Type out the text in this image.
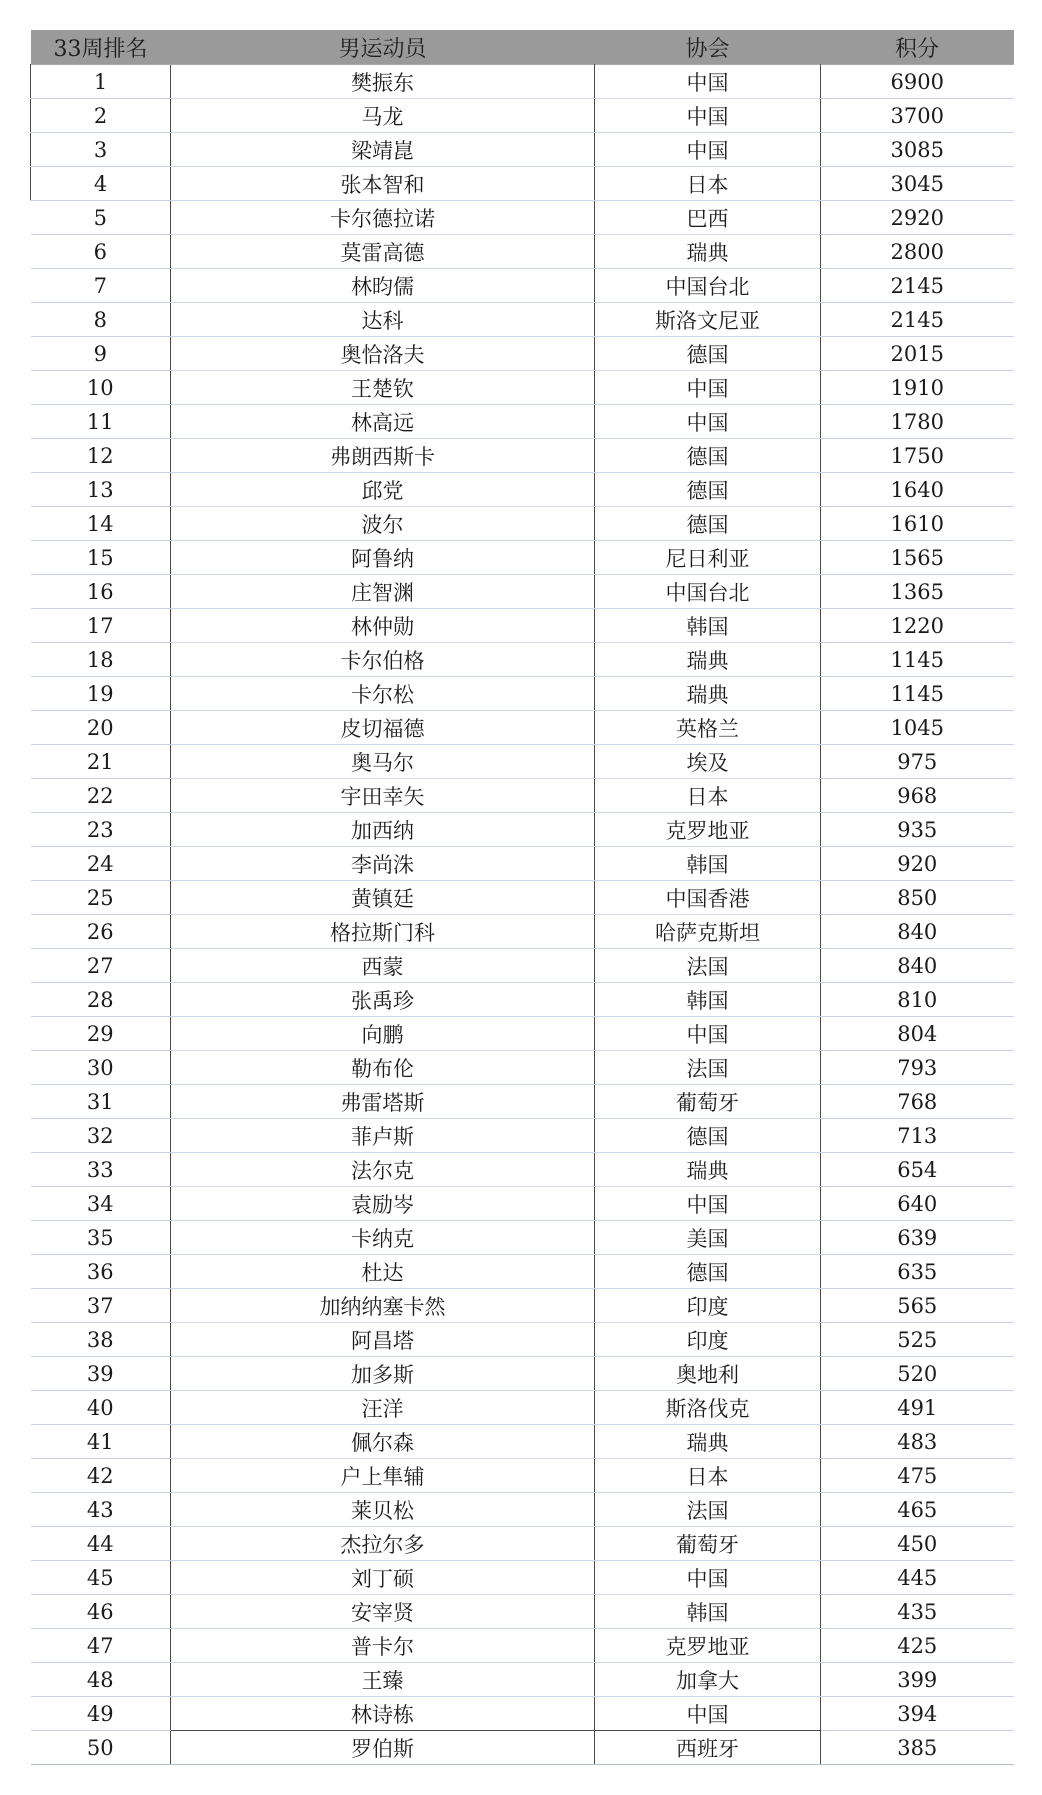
33周排名	男运动员	协会	积分
1	樊振东	中国	6900
2	马龙	中国	3700
3	梁靖崑	中国	3085
4	张本智和	日本	3045
5	卡尔德拉诺	巴西	2920
6	莫雷高德	瑞典	2800
7	林昀儒	中国台北	2145
8	达科	斯洛文尼亚	2145
9	奥恰洛夫	德国	2015
10	王楚钦	中国	1910
11	林高远	中国	1780
12	弗朗西斯卡	德国	1750
13	邱党	德国	1640
14	波尔	德国	1610
15	阿鲁纳	尼日利亚	1565
16	庄智渊	中国台北	1365
17	林仲勋	韩国	1220
18	卡尔伯格	瑞典	1145
19	卡尔松	瑞典	1145
20	皮切福德	英格兰	1045
21	奥马尔	埃及	975
22	宇田幸矢	日本	968
23	加西纳	克罗地亚	935
24	李尚洙	韩国	920
25	黄镇廷	中国香港	850
26	格拉斯门科	哈萨克斯坦	840
27	西蒙	法国	840
28	张禹珍	韩国	810
29	向鹏	中国	804
30	勒布伦	法国	793
31	弗雷塔斯	葡萄牙	768
32	菲卢斯	德国	713
33	法尔克	瑞典	654
34	袁励岑	中国	640
35	卡纳克	美国	639
36	杜达	德国	635
37	加纳纳塞卡然	印度	565
38	阿昌塔	印度	525
39	加多斯	奥地利	520
40	汪洋	斯洛伐克	491
41	佩尔森	瑞典	483
42	户上隼辅	日本	475
43	莱贝松	法国	465
44	杰拉尔多	葡萄牙	450
45	刘丁硕	中国	445
46	安宰贤	韩国	435
47	普卡尔	克罗地亚	425
48	王臻	加拿大	399
49	林诗栋	中国	394
50	罗伯斯	西班牙	385
